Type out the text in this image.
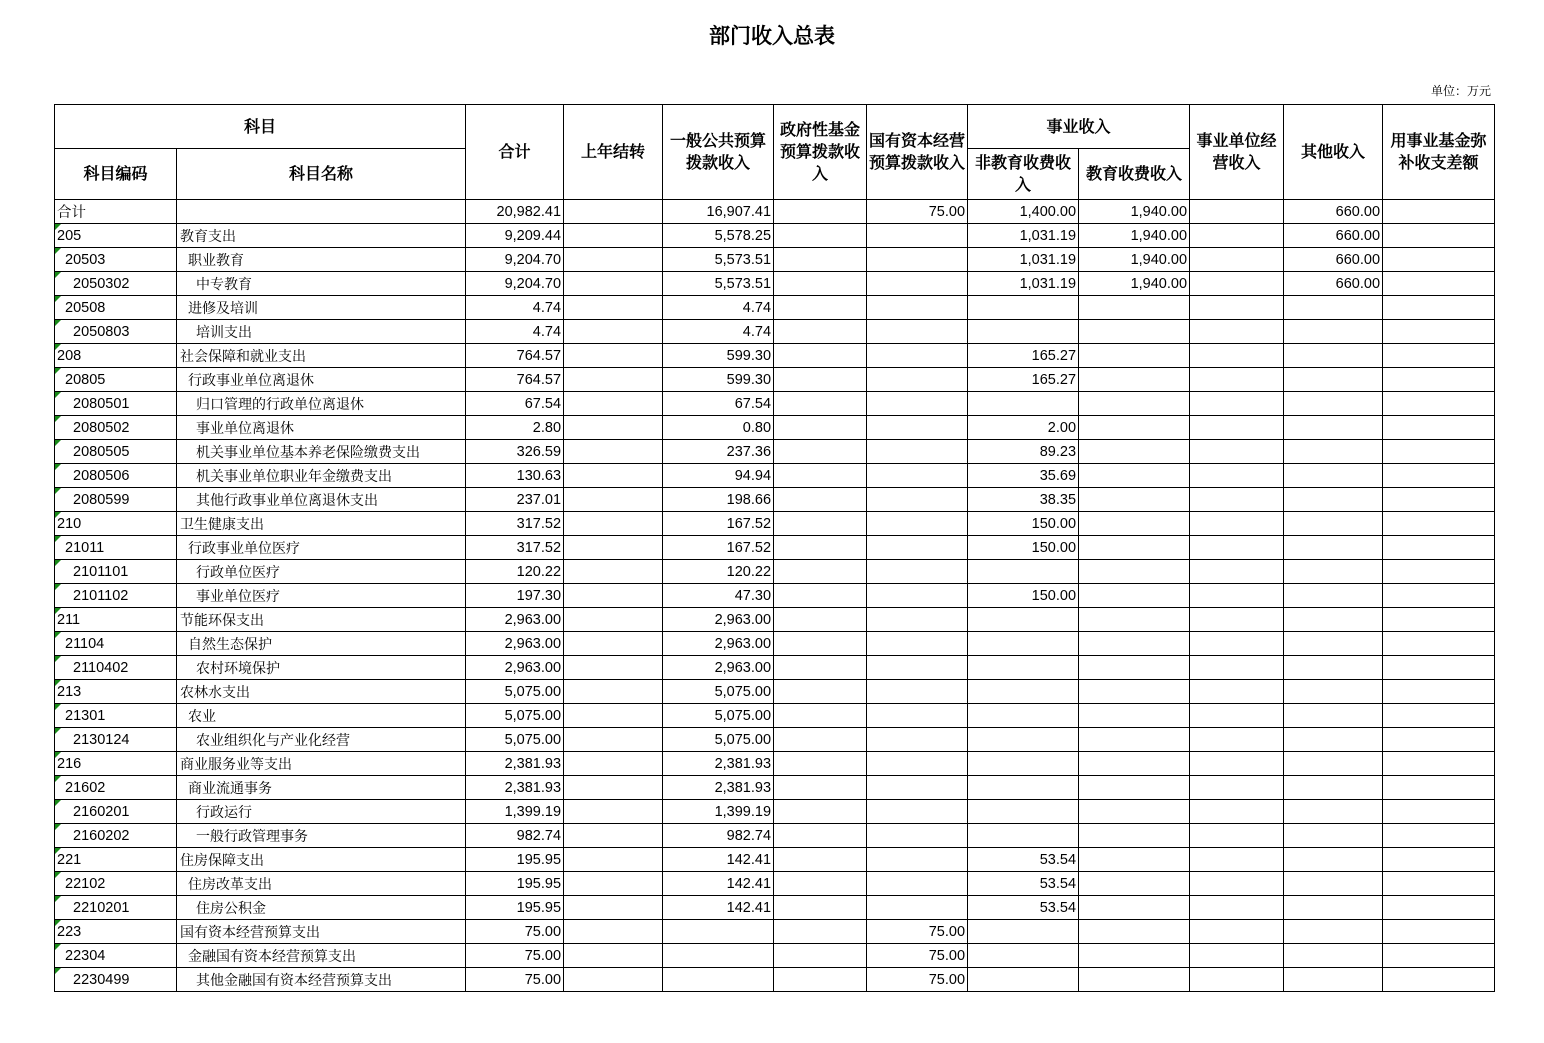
部门收入总表
单位：万元
科目		合计	上年结转	一般公共预算拨款收入	政府性基金预算拨款收入	国有资本经营预算拨款收入	事业收入		事业单位经营收入	其他收入	用事业基金弥补收支差额
科目编码	科目名称						非教育收费收入	教育收费收入			
合计		20,982.41		16,907.41		75.00	1,400.00	1,940.00		660.00	
205	教育支出	9,209.44		5,578.25			1,031.19	1,940.00		660.00	
20503	职业教育	9,204.70		5,573.51			1,031.19	1,940.00		660.00	
2050302	中专教育	9,204.70		5,573.51			1,031.19	1,940.00		660.00	
20508	进修及培训	4.74		4.74							
2050803	培训支出	4.74		4.74							
208	社会保障和就业支出	764.57		599.30			165.27				
20805	行政事业单位离退休	764.57		599.30			165.27				
2080501	归口管理的行政单位离退休	67.54		67.54							
2080502	事业单位离退休	2.80		0.80			2.00				
2080505	机关事业单位基本养老保险缴费支出	326.59		237.36			89.23				
2080506	机关事业单位职业年金缴费支出	130.63		94.94			35.69				
2080599	其他行政事业单位离退休支出	237.01		198.66			38.35				
210	卫生健康支出	317.52		167.52			150.00				
21011	行政事业单位医疗	317.52		167.52			150.00				
2101101	行政单位医疗	120.22		120.22							
2101102	事业单位医疗	197.30		47.30			150.00				
211	节能环保支出	2,963.00		2,963.00							
21104	自然生态保护	2,963.00		2,963.00							
2110402	农村环境保护	2,963.00		2,963.00							
213	农林水支出	5,075.00		5,075.00							
21301	农业	5,075.00		5,075.00							
2130124	农业组织化与产业化经营	5,075.00		5,075.00							
216	商业服务业等支出	2,381.93		2,381.93							
21602	商业流通事务	2,381.93		2,381.93							
2160201	行政运行	1,399.19		1,399.19							
2160202	一般行政管理事务	982.74		982.74							
221	住房保障支出	195.95		142.41			53.54				
22102	住房改革支出	195.95		142.41			53.54				
2210201	住房公积金	195.95		142.41			53.54				
223	国有资本经营预算支出	75.00				75.00					
22304	金融国有资本经营预算支出	75.00				75.00					
2230499	其他金融国有资本经营预算支出	75.00				75.00					
